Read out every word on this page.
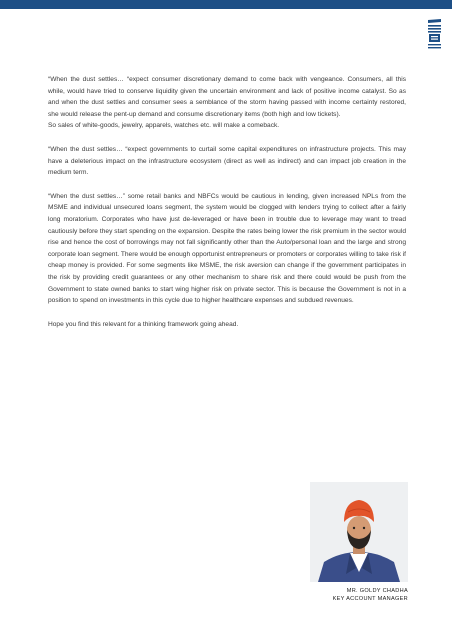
“When the dust settles… “expect consumer discretionary demand to come back with vengeance. Consumers, all this while, would have tried to conserve liquidity given the uncertain environment and lack of positive income catalyst. So as and when the dust settles and consumer sees a semblance of the storm having passed with income certainty restored, she would release the pent-up demand and consume discretionary items (both high and low tickets).

So sales of white-goods, jewelry, apparels, watches etc. will make a comeback.

“When the dust settles… “expect governments to curtail some capital expenditures on infrastructure projects. This may have a deleterious impact on the infrastructure ecosystem (direct as well as indirect) and can impact job creation in the medium term.

“When the dust settles…” some retail banks and NBFCs would be cautious in lending, given increased NPLs from the MSME and individual unsecured loans segment, the system would be clogged with lenders trying to collect after a fairly long moratorium. Corporates who have just de-leveraged or have been in trouble due to leverage may want to tread cautiously before they start spending on the expansion. Despite the rates being lower the risk premium in the sector would rise and hence the cost of borrowings may not fall significantly other than the Auto/personal loan and the large and strong corporate loan segment. There would be enough opportunist entrepreneurs or promoters or corporates willing to take risk if cheap money is provided. For some segments like MSME, the risk aversion can change if the government participates in the risk by providing credit guarantees or any other mechanism to share risk and there could would be push from the Government to state owned banks to start wing higher risk on private sector. This is because the Government is not in a position to spend on investments in this cycle due to higher healthcare expenses and subdued revenues.

Hope you find this relevant for a thinking framework going ahead.

MR. GOLDY CHADHA
KEY ACCOUNT MANAGER
